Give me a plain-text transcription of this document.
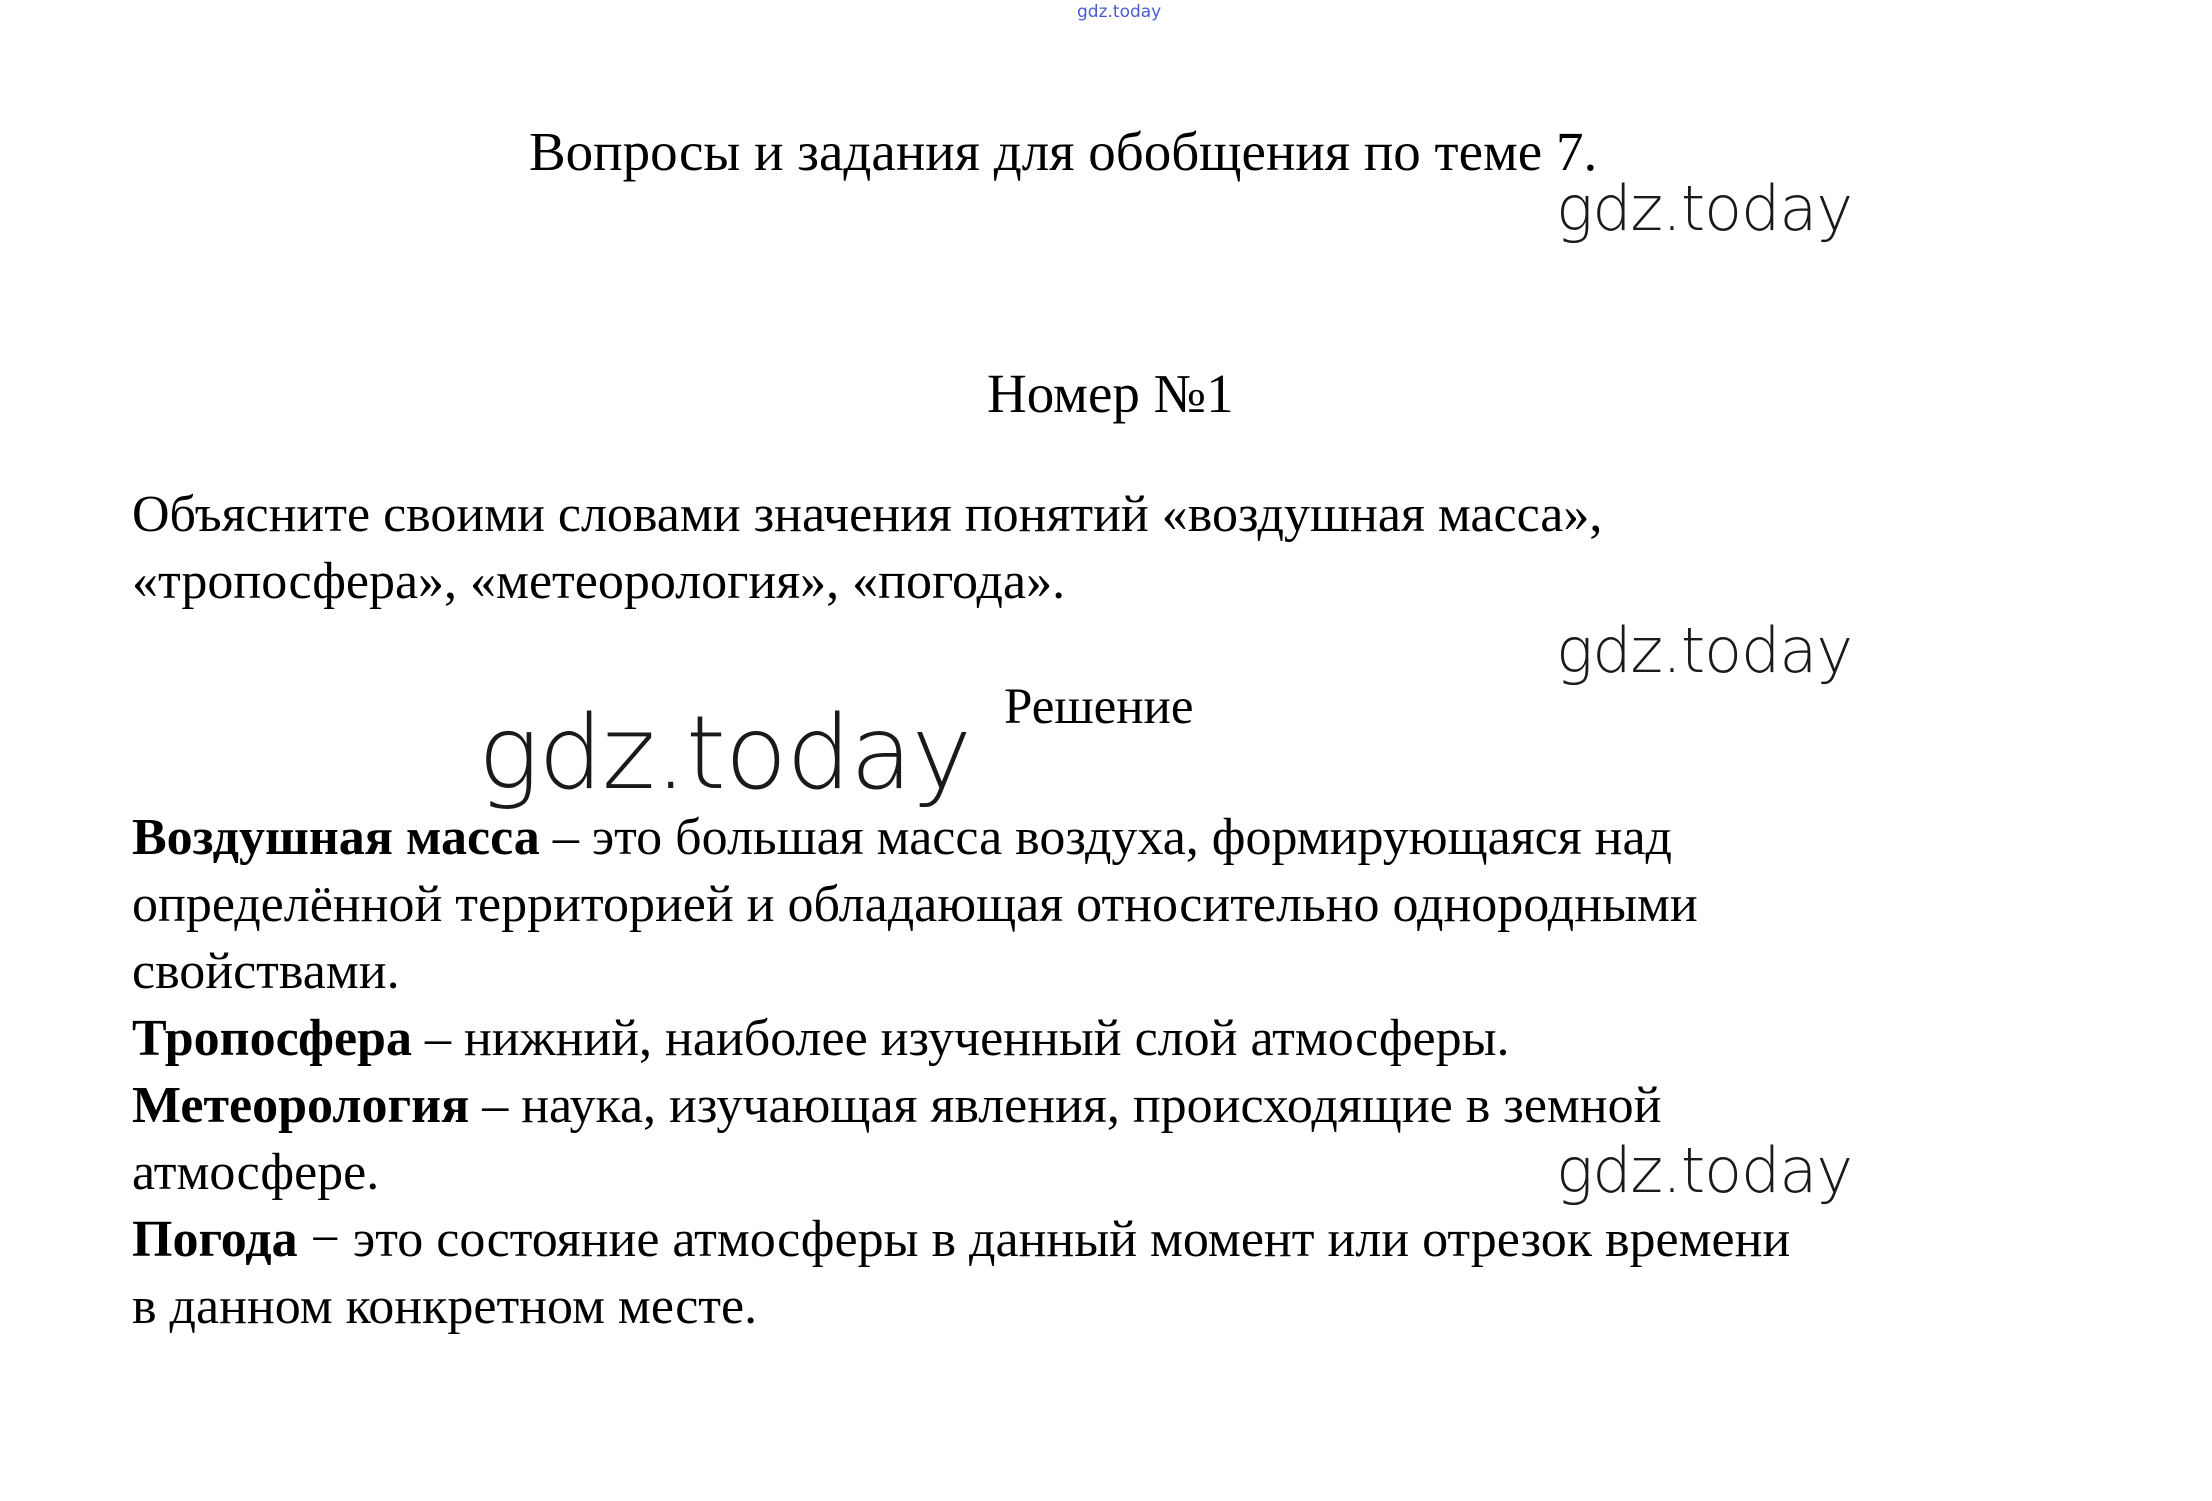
gdz.today
Вопросы и задания для обобщения по теме 7.
gdz.today
Номер №1
Объясните своими словами значения понятий «воздушная масса»,
«тропосфера», «метеорология», «погода».
gdz.today
gdz.today Решение
Воздушная масса – это большая масса воздуха, формирующаяся над
определённой территорией и обладающая относительно однородными
свойствами.
Тропосфера – нижний, наиболее изученный слой атмосферы.
Метеорология – наука, изучающая явления, происходящие в земной
атмосфере.
Погода − это состояние атмосферы в данный момент или отрезок времени
в данном конкретном месте.
gdz.today
